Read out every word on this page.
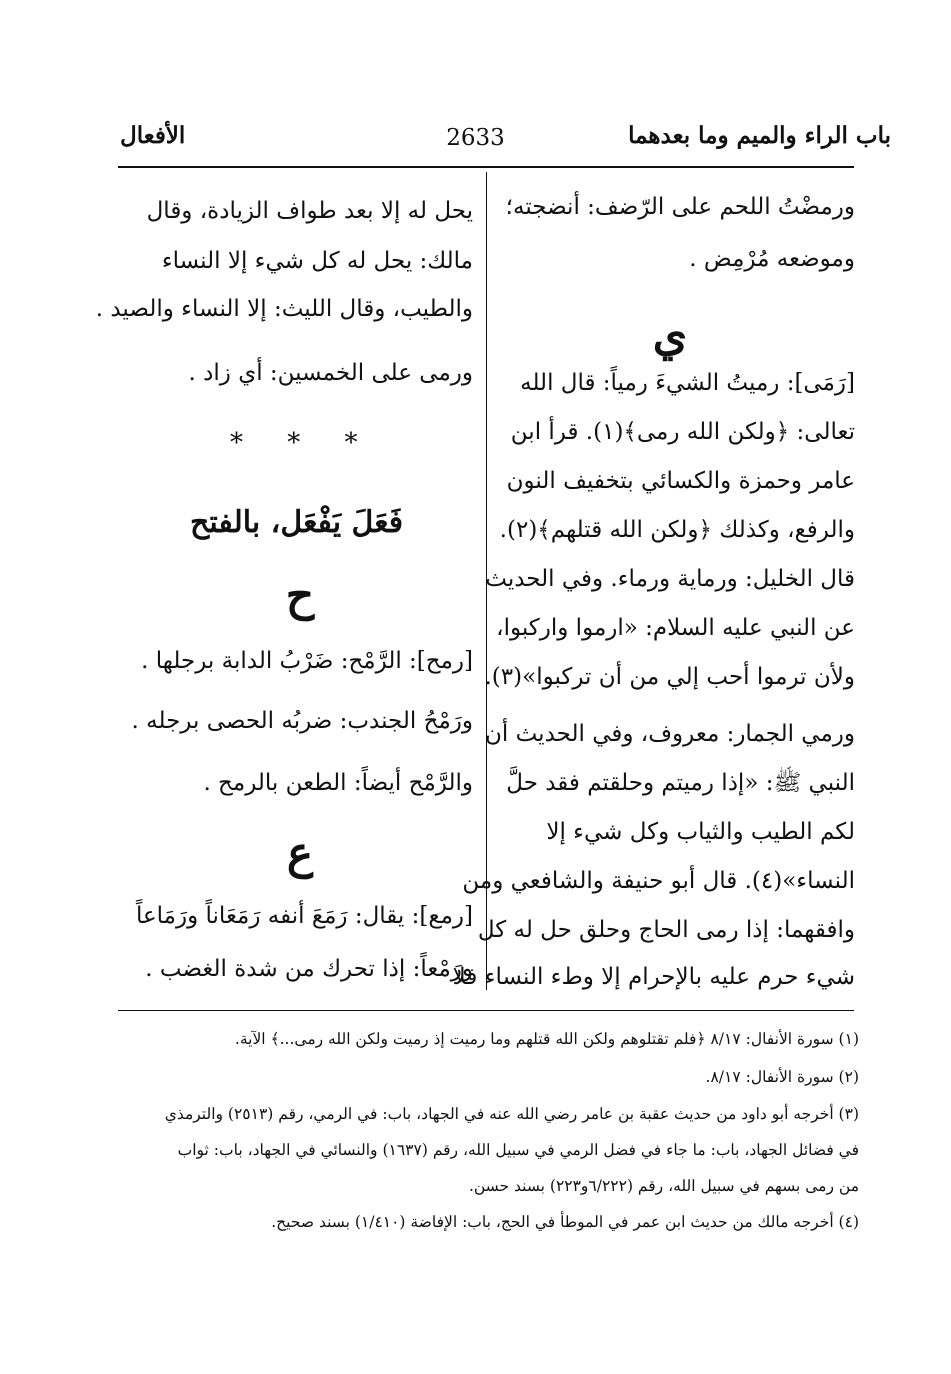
باب الراء والميم وما بعدهما
2633
الأفعال
ورمضْتُ اللحم على الرّضف: أنضجته؛
وموضعه مُرْمِض .
ي
[رَمَى]: رميتُ الشيءَ رمياً: قال الله
تعالى: ﴿ولكن الله رمى﴾(١). قرأ ابن
عامر وحمزة والكسائي بتخفيف النون
والرفع، وكذلك ﴿ولكن الله قتلهم﴾(٢).
قال الخليل: ورماية ورماء. وفي الحديث
عن النبي عليه السلام: «ارموا واركبوا،
ولأن ترموا أحب إلي من أن تركبوا»(٣).
ورمي الجمار: معروف، وفي الحديث أن
النبي ﷺ: «إذا رميتم وحلقتم فقد حلَّ
لكم الطيب والثياب وكل شيء إلا
النساء»(٤). قال أبو حنيفة والشافعي ومن
وافقهما: إذا رمى الحاج وحلق حل له كل
شيء حرم عليه بالإحرام إلا وطء النساء فلا
يحل له إلا بعد طواف الزيادة، وقال
مالك: يحل له كل شيء إلا النساء
والطيب، وقال الليث: إلا النساء والصيد .
ورمى على الخمسين: أي زاد .
* * *
فَعَلَ يَفْعَل، بالفتح
ح
[رمح]: الرَّمْح: ضَرْبُ الدابة برجلها .
ورَمْحُ الجندب: ضربُه الحصى برجله .
والرَّمْح أيضاً: الطعن بالرمح .
ع
[رمع]: يقال: رَمَعَ أنفه رَمَعَاناً ورَمَاعاً
ورَمْعاً: إذا تحرك من شدة الغضب .
(١) سورة الأنفال: ٨/١٧ ﴿فلم تقتلوهم ولكن الله قتلهم وما رميت إذ رميت ولكن الله رمى...﴾ الآية.
(٢) سورة الأنفال: ٨/١٧.
(٣) أخرجه أبو داود من حديث عقبة بن عامر رضي الله عنه في الجهاد، باب: في الرمي، رقم (٢٥١٣) والترمذي
في فضائل الجهاد، باب: ما جاء في فضل الرمي في سبيل الله، رقم (١٦٣٧) والنسائي في الجهاد، باب: ثواب
من رمى بسهم في سبيل الله، رقم (٦/٢٢٢و٢٢٣) بسند حسن.
(٤) أخرجه مالك من حديث ابن عمر في الموطأ في الحج، باب: الإفاضة (١/٤١٠) بسند صحيح.
